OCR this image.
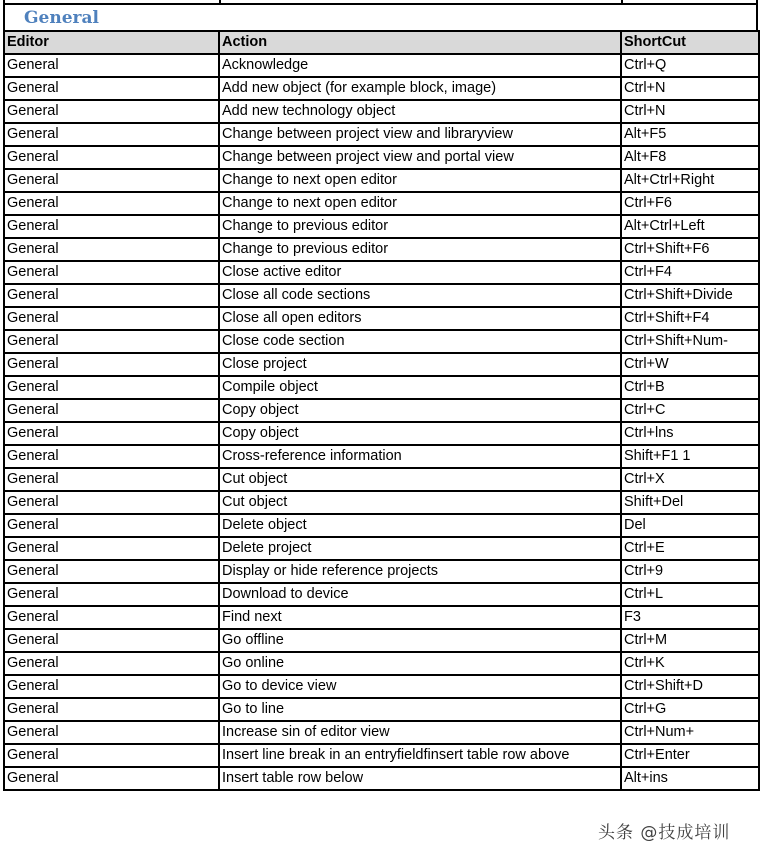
General
Editor	Action	ShortCut
General	Acknowledge	Ctrl+Q
General	Add new object (for example block, image)	Ctrl+N
General	Add new technology object	Ctrl+N
General	Change between project view and libraryview	Alt+F5
General	Change between project view and portal view	Alt+F8
General	Change to next open editor	Alt+Ctrl+Right
General	Change to next open editor	Ctrl+F6
General	Change to previous editor	Alt+Ctrl+Left
General	Change to previous editor	Ctrl+Shift+F6
General	Close active editor	Ctrl+F4
General	Close all code sections	Ctrl+Shift+Divide
General	Close all open editors	Ctrl+Shift+F4
General	Close code section	Ctrl+Shift+Num-
General	Close project	Ctrl+W
General	Compile object	Ctrl+B
General	Copy object	Ctrl+C
General	Copy object	Ctrl+lns
General	Cross-reference information	Shift+F1 1
General	Cut object	Ctrl+X
General	Cut object	Shift+Del
General	Delete object	Del
General	Delete project	Ctrl+E
General	Display or hide reference projects	Ctrl+9
General	Download to device	Ctrl+L
General	Find next	F3
General	Go offline	Ctrl+M
General	Go online	Ctrl+K
General	Go to device view	Ctrl+Shift+D
General	Go to line	Ctrl+G
General	Increase sin of editor view	Ctrl+Num+
General	Insert line break in an entryfieldfinsert table row above	Ctrl+Enter
General	Insert table row below	Alt+ins
头条 @技成培训
